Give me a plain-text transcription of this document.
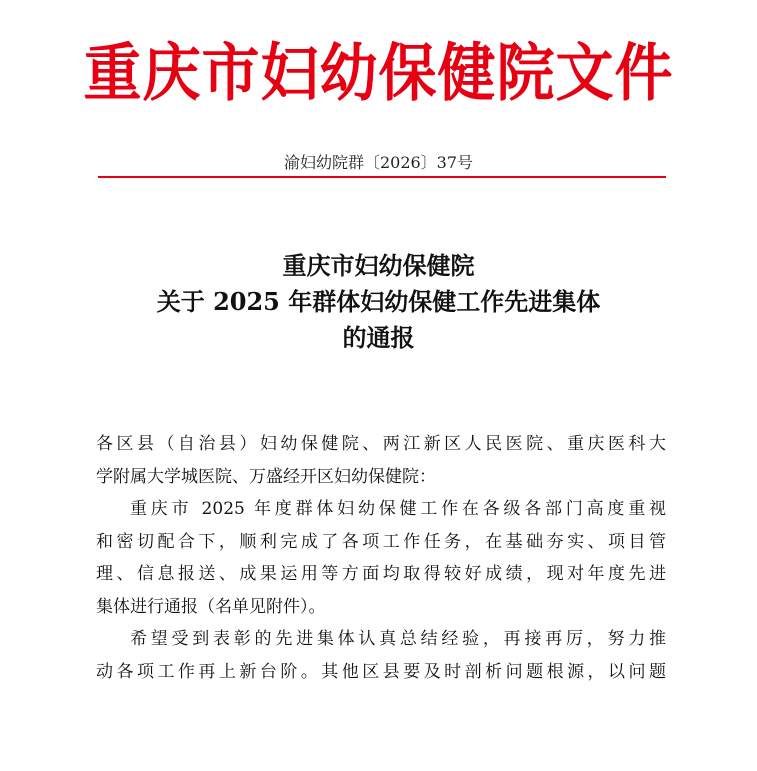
重庆市妇幼保健院文件
渝妇幼院群〔2026〕37号
重庆市妇幼保健院
关于 2025 年群体妇幼保健工作先进集体
的通报
各区县（自治县）妇幼保健院、两江新区人民医院、重庆医科大
学附属大学城医院、万盛经开区妇幼保健院：
重庆市 2025 年度群体妇幼保健工作在各级各部门高度重视
和密切配合下，顺利完成了各项工作任务，在基础夯实、项目管
理、信息报送、成果运用等方面均取得较好成绩，现对年度先进
集体进行通报（名单见附件）。
希望受到表彰的先进集体认真总结经验，再接再厉，努力推
动各项工作再上新台阶。其他区县要及时剖析问题根源，以问题
